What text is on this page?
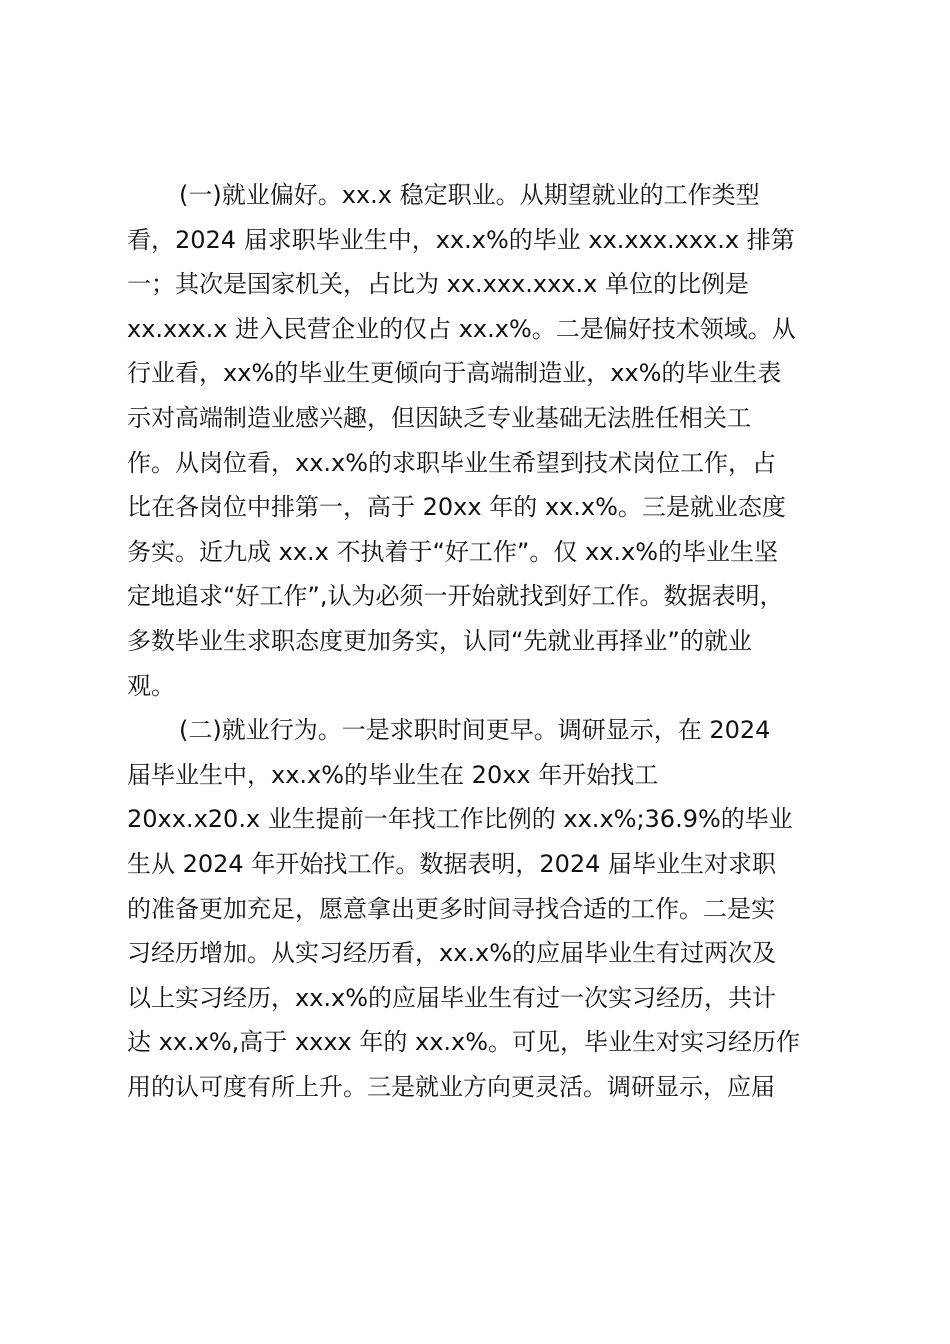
(一)就业偏好。xx.x 稳定职业。从期望就业的工作类型
看，2024 届求职毕业生中，xx.x%的毕业 xx.xxx.xxx.x 排第
一；其次是国家机关，占比为 xx.xxx.xxx.x 单位的比例是
xx.xxx.x 进入民营企业的仅占 xx.x%。二是偏好技术领域。从
行业看，xx%的毕业生更倾向于高端制造业，xx%的毕业生表
示对高端制造业感兴趣，但因缺乏专业基础无法胜任相关工
作。从岗位看，xx.x%的求职毕业生希望到技术岗位工作，占
比在各岗位中排第一，高于 20xx 年的 xx.x%。三是就业态度
务实。近九成 xx.x 不执着于“好工作”。仅 xx.x%的毕业生坚
定地追求“好工作”,认为必须一开始就找到好工作。数据表明，
多数毕业生求职态度更加务实，认同“先就业再择业”的就业
观。
(二)就业行为。一是求职时间更早。调研显示，在 2024
届毕业生中，xx.x%的毕业生在 20xx 年开始找工
20xx.x20.x 业生提前一年找工作比例的 xx.x%;36.9%的毕业
生从 2024 年开始找工作。数据表明，2024 届毕业生对求职
的准备更加充足，愿意拿出更多时间寻找合适的工作。二是实
习经历增加。从实习经历看，xx.x%的应届毕业生有过两次及
以上实习经历，xx.x%的应届毕业生有过一次实习经历，共计
达 xx.x%,高于 xxxx 年的 xx.x%。可见，毕业生对实习经历作
用的认可度有所上升。三是就业方向更灵活。调研显示，应届
